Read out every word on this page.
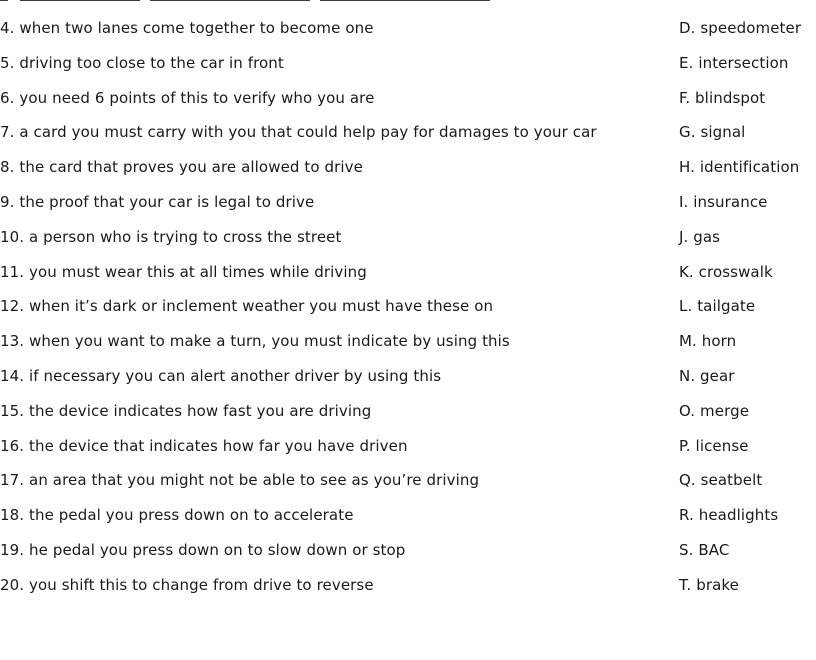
4. when two lanes come together to become one	D. speedometer
5. driving too close to the car in front	E. intersection
6. you need 6 points of this to verify who you are	F. blindspot
7. a card you must carry with you that could help pay for damages to your car	G. signal
8. the card that proves you are allowed to drive	H. identification
9. the proof that your car is legal to drive	I. insurance
10. a person who is trying to cross the street	J. gas
11. you must wear this at all times while driving	K. crosswalk
12. when it’s dark or inclement weather you must have these on	L. tailgate
13. when you want to make a turn, you must indicate by using this	M. horn
14. if necessary you can alert another driver by using this	N. gear
15. the device indicates how fast you are driving	O. merge
16. the device that indicates how far you have driven	P. license
17. an area that you might not be able to see as you’re driving	Q. seatbelt
18. the pedal you press down on to accelerate	R. headlights
19. he pedal you press down on to slow down or stop	S. BAC
20. you shift this to change from drive to reverse	T. brake
